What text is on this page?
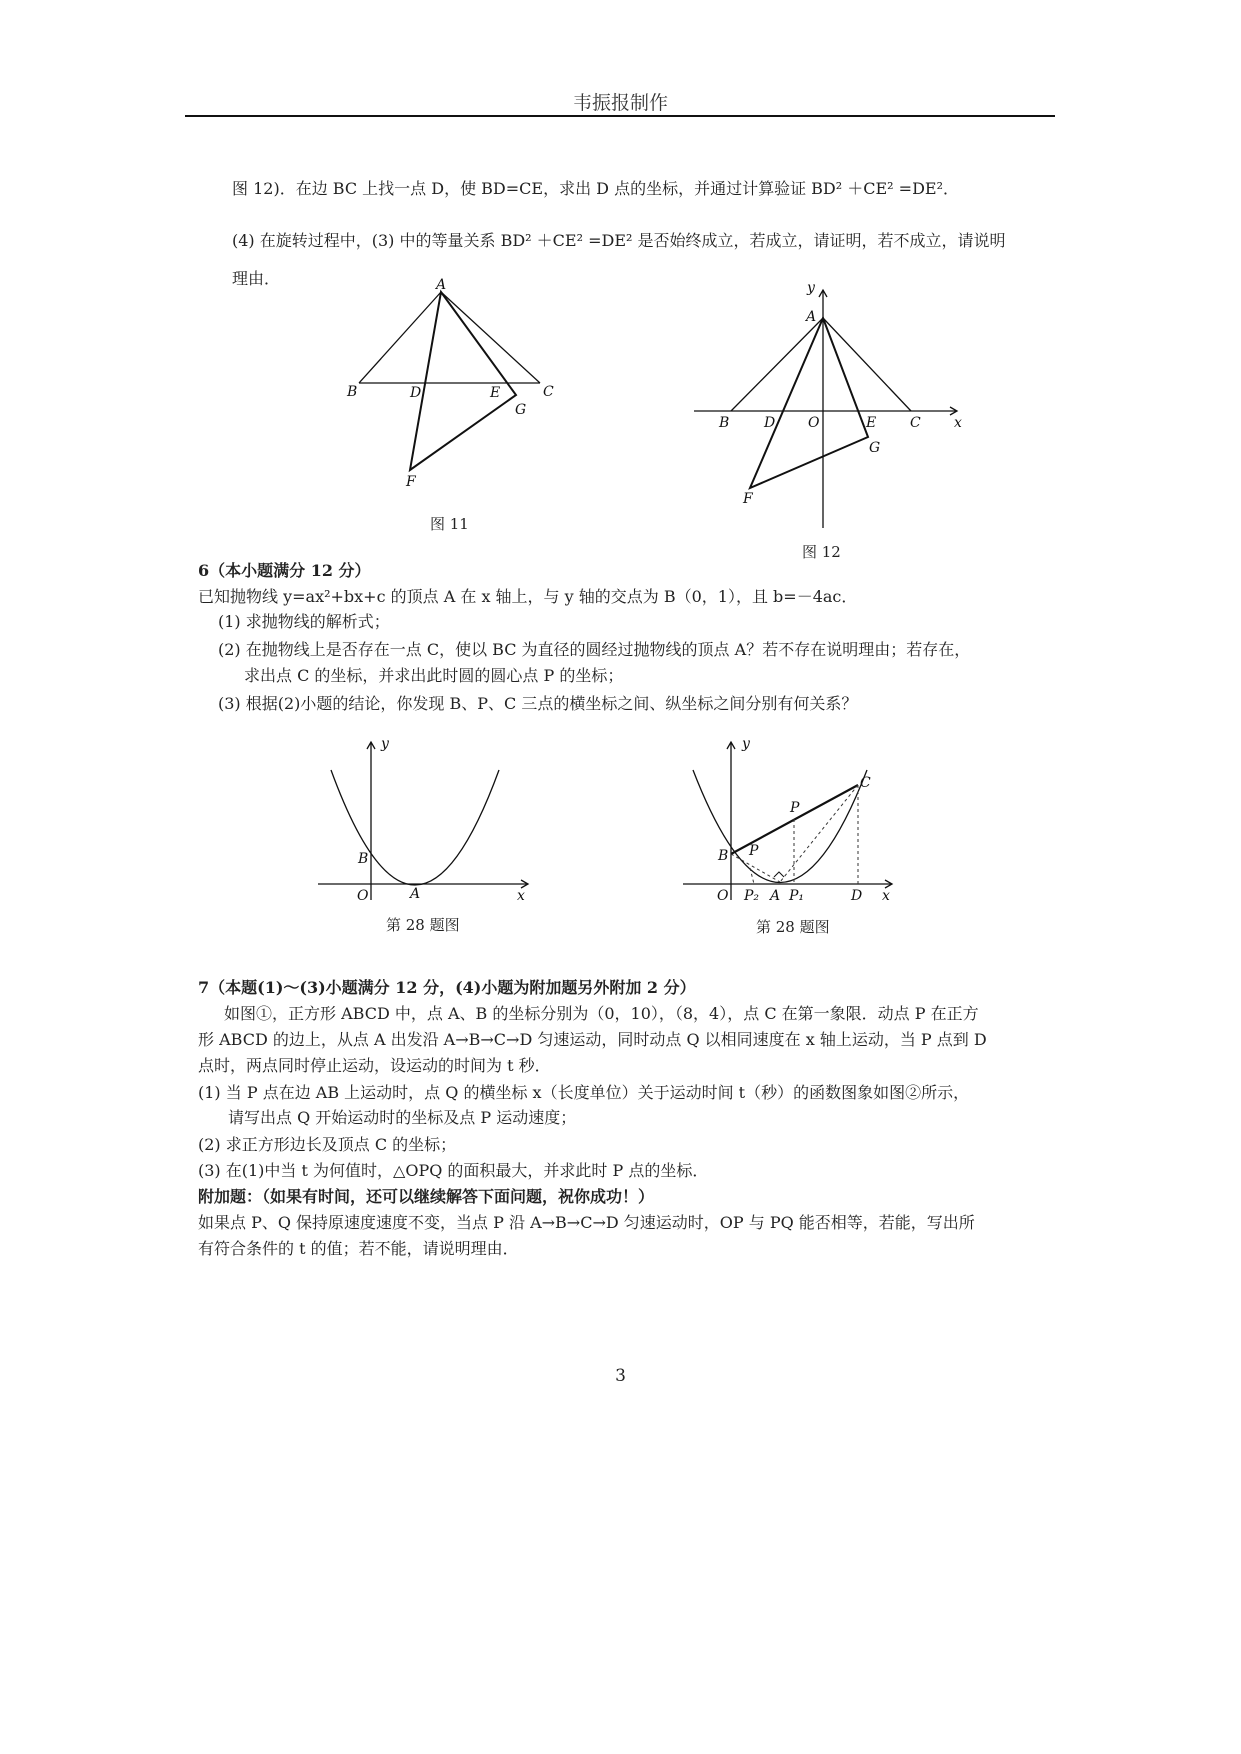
韦振报制作
图 12)．在边 BC 上找一点 D，使 BD=CE，求出 D 点的坐标，并通过计算验证 BD² ＋CE² =DE²．
(4) 在旋转过程中，(3) 中的等量关系 BD² ＋CE² =DE² 是否始终成立，若成立，请证明，若不成立，请说明
理由．	A
B	D	E	C
G
F
图 11
y
A
B D O	E C x
G
F
图 12
6（本小题满分 12 分）
已知抛物线 y=ax²+bx+c 的顶点 A 在 x 轴上，与 y 轴的交点为 B（0，1），且 b=－4ac．
(1) 求抛物线的解析式；
(2) 在抛物线上是否存在一点 C，使以 BC 为直径的圆经过抛物线的顶点 A？若不存在说明理由；若存在，
求出点 C 的坐标，并求出此时圆的圆心点 P 的坐标；
(3) 根据(2)小题的结论，你发现 B、P、C 三点的横坐标之间、纵坐标之间分别有何关系？
y
B
O	A	x
第 28 题图
y
C
P
B P
O P₂ A P₁	D x
第 28 题图
7（本题(1)～(3)小题满分 12 分，(4)小题为附加题另外附加 2 分）
如图①，正方形 ABCD 中，点 A、B 的坐标分别为（0，10），（8，4），点 C 在第一象限．动点 P 在正方
形 ABCD 的边上，从点 A 出发沿 A→B→C→D 匀速运动，同时动点 Q 以相同速度在 x 轴上运动，当 P 点到 D
点时，两点同时停止运动，设运动的时间为 t 秒．
(1) 当 P 点在边 AB 上运动时，点 Q 的横坐标 x（长度单位）关于运动时间 t（秒）的函数图象如图②所示，
请写出点 Q 开始运动时的坐标及点 P 运动速度；
(2) 求正方形边长及顶点 C 的坐标；
(3) 在(1)中当 t 为何值时，△OPQ 的面积最大，并求此时 P 点的坐标．
附加题：（如果有时间，还可以继续解答下面问题，祝你成功！）
如果点 P、Q 保持原速度速度不变，当点 P 沿 A→B→C→D 匀速运动时，OP 与 PQ 能否相等，若能，写出所
有符合条件的 t 的值；若不能，请说明理由．
3
